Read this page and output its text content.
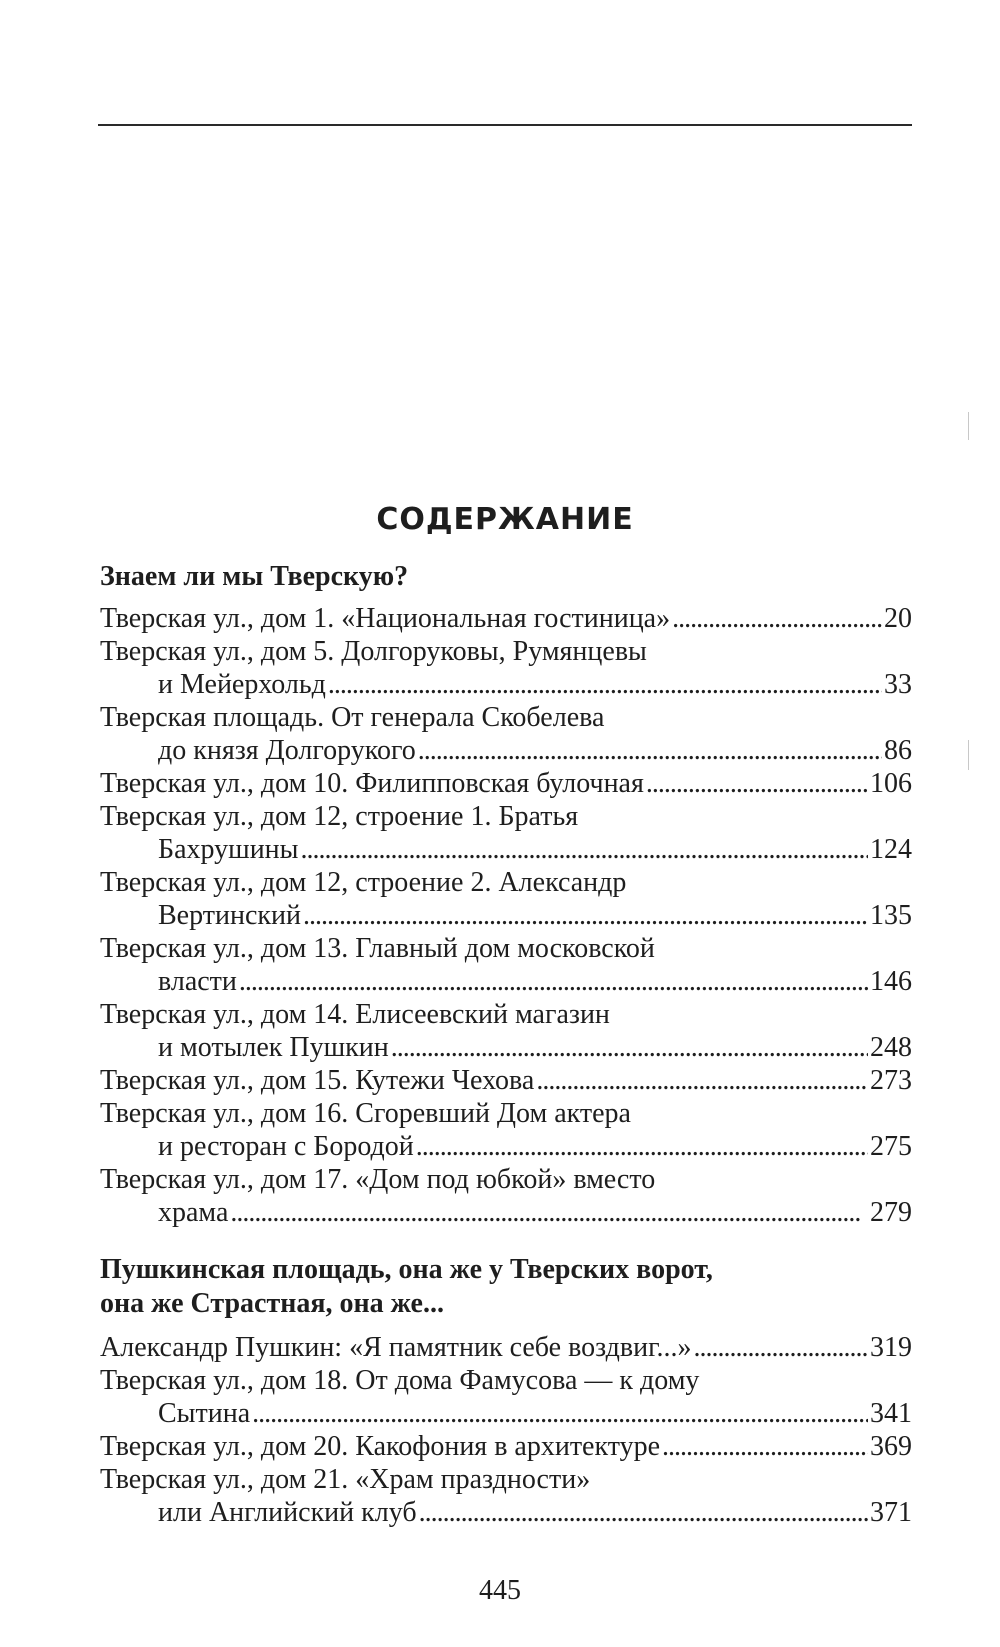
СОДЕРЖАНИЕ
Знаем ли мы Тверскую?
Тверская ул., дом 1. «Национальная гостиница» . . .	20
Тверская ул., дом 5. Долгоруковы, Румянцевы
и Мейерхольд . . .	33
Тверская площадь. От генерала Скобелева
до князя Долгорукого . . .	86
Тверская ул., дом 10. Филипповская булочная . . .	106
Тверская ул., дом 12, строение 1. Братья
Бахрушины . . .	124
Тверская ул., дом 12, строение 2. Александр
Вертинский . . .	135
Тверская ул., дом 13. Главный дом московской
власти . . .	146
Тверская ул., дом 14. Елисеевский магазин
и мотылек Пушкин . . .	248
Тверская ул., дом 15. Кутежи Чехова . . .	273
Тверская ул., дом 16. Сгоревший Дом актера
и ресторан с Бородой . . .	275
Тверская ул., дом 17. «Дом под юбкой» вместо
храма . . .	279
Пушкинская площадь, она же у Тверских ворот,
она же Страстная, она же...
Александр Пушкин: «Я памятник себе воздвиг...» . . .	319
Тверская ул., дом 18. От дома Фамусова — к дому
Сытина . . .	341
Тверская ул., дом 20. Какофония в архитектуре . . .	369
Тверская ул., дом 21. «Храм праздности»
или Английский клуб . . .	371
445
